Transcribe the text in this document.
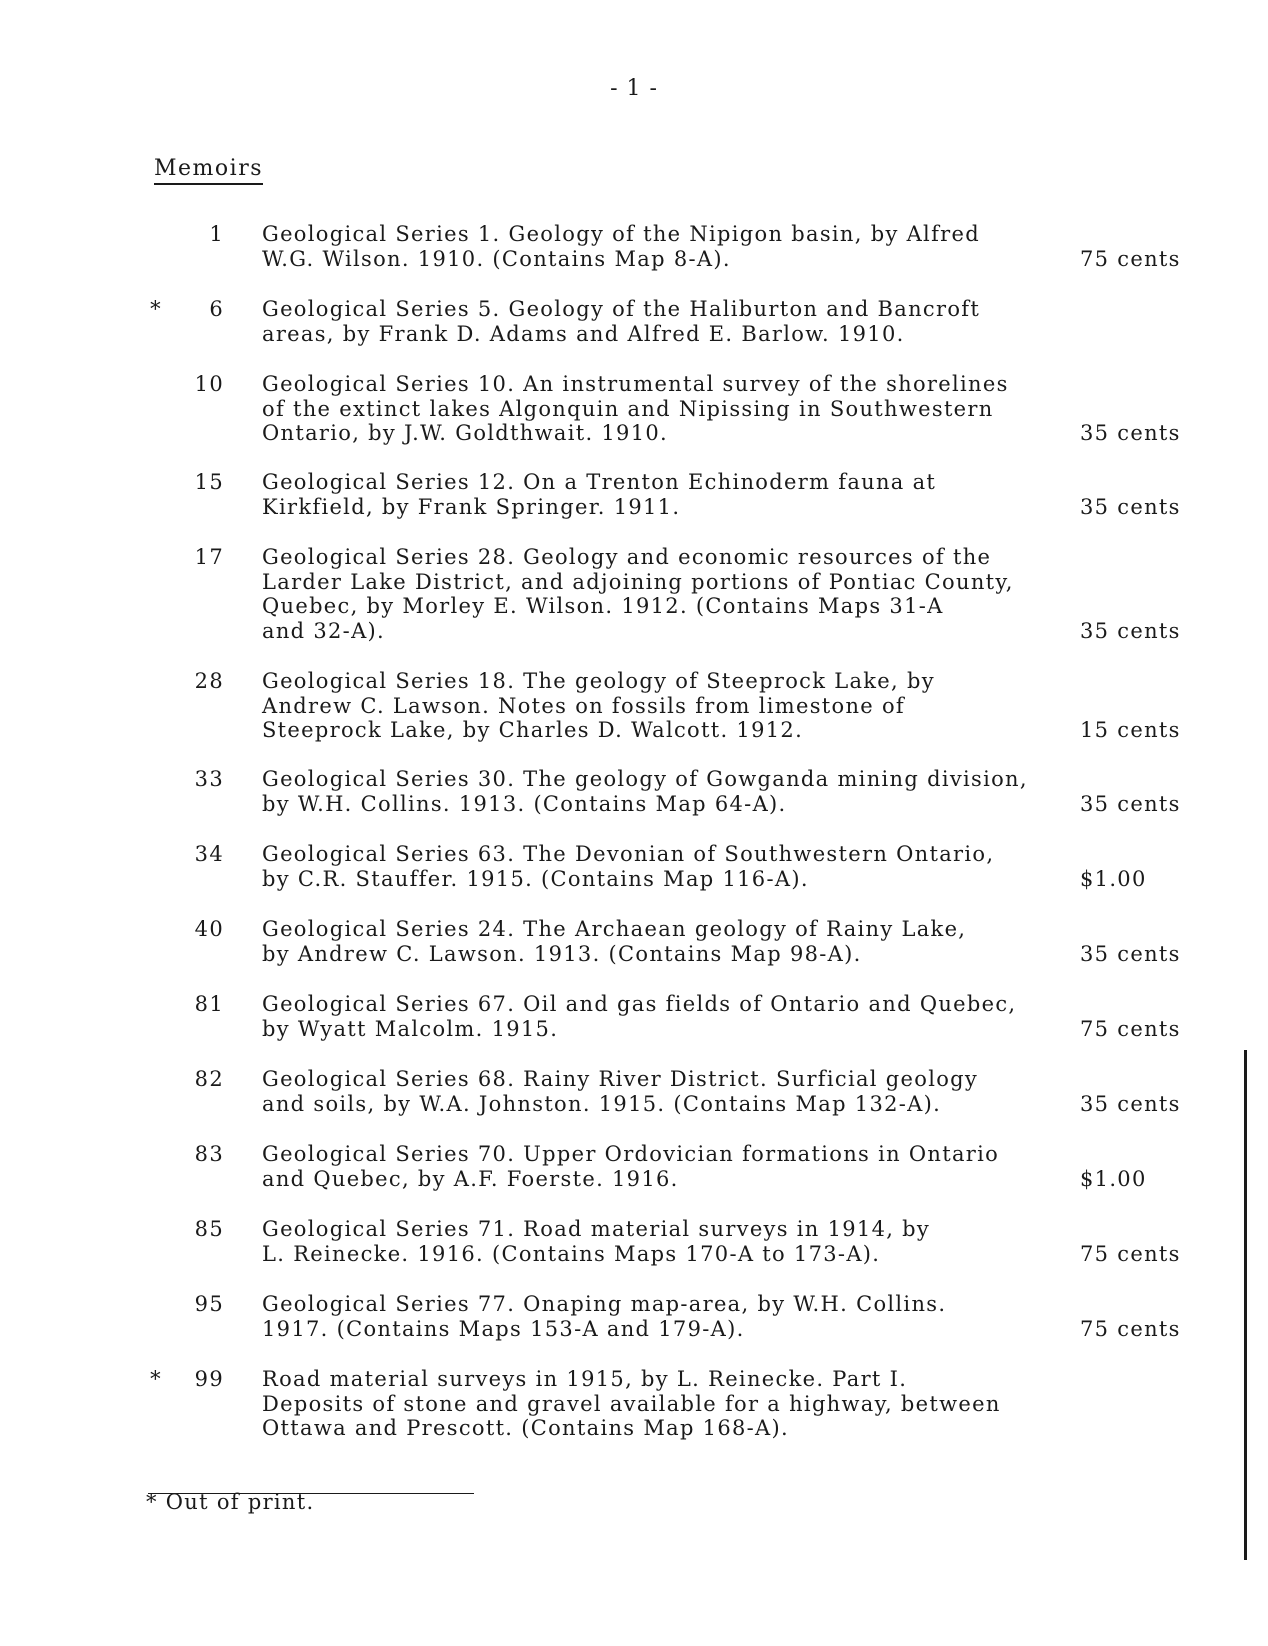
- 1 -
Memoirs
1 Geological Series 1. Geology of the Nipigon basin, by Alfred
W.G. Wilson. 1910. (Contains Map 8-A).	75 cents
*	6 Geological Series 5. Geology of the Haliburton and Bancroft
areas, by Frank D. Adams and Alfred E. Barlow. 1910.
10 Geological Series 10. An instrumental survey of the shorelines
of the extinct lakes Algonquin and Nipissing in Southwestern
Ontario, by J.W. Goldthwait. 1910.	35 cents
15 Geological Series 12. On a Trenton Echinoderm fauna at
Kirkfield, by Frank Springer. 1911.	35 cents
17 Geological Series 28. Geology and economic resources of the
Larder Lake District, and adjoining portions of Pontiac County,
Quebec, by Morley E. Wilson. 1912. (Contains Maps 31-A
and 32-A).	35 cents
28 Geological Series 18. The geology of Steeprock Lake, by
Andrew C. Lawson. Notes on fossils from limestone of
Steeprock Lake, by Charles D. Walcott. 1912.	15 cents
33 Geological Series 30. The geology of Gowganda mining division,
by W.H. Collins. 1913. (Contains Map 64-A).	35 cents
34 Geological Series 63. The Devonian of Southwestern Ontario,
by C.R. Stauffer. 1915. (Contains Map 116-A).	$1.00
40 Geological Series 24. The Archaean geology of Rainy Lake,
by Andrew C. Lawson. 1913. (Contains Map 98-A).	35 cents
81 Geological Series 67. Oil and gas fields of Ontario and Quebec,
by Wyatt Malcolm. 1915.	75 cents
82 Geological Series 68. Rainy River District. Surficial geology
and soils, by W.A. Johnston. 1915. (Contains Map 132-A).	35 cents
83 Geological Series 70. Upper Ordovician formations in Ontario
and Quebec, by A.F. Foerste. 1916.	$1.00
85 Geological Series 71. Road material surveys in 1914, by
L. Reinecke. 1916. (Contains Maps 170-A to 173-A).	75 cents
95 Geological Series 77. Onaping map-area, by W.H. Collins.
1917. (Contains Maps 153-A and 179-A).	75 cents
*	99 Road material surveys in 1915, by L. Reinecke. Part I.
Deposits of stone and gravel available for a highway, between
Ottawa and Prescott. (Contains Map 168-A).
* Out of print.
